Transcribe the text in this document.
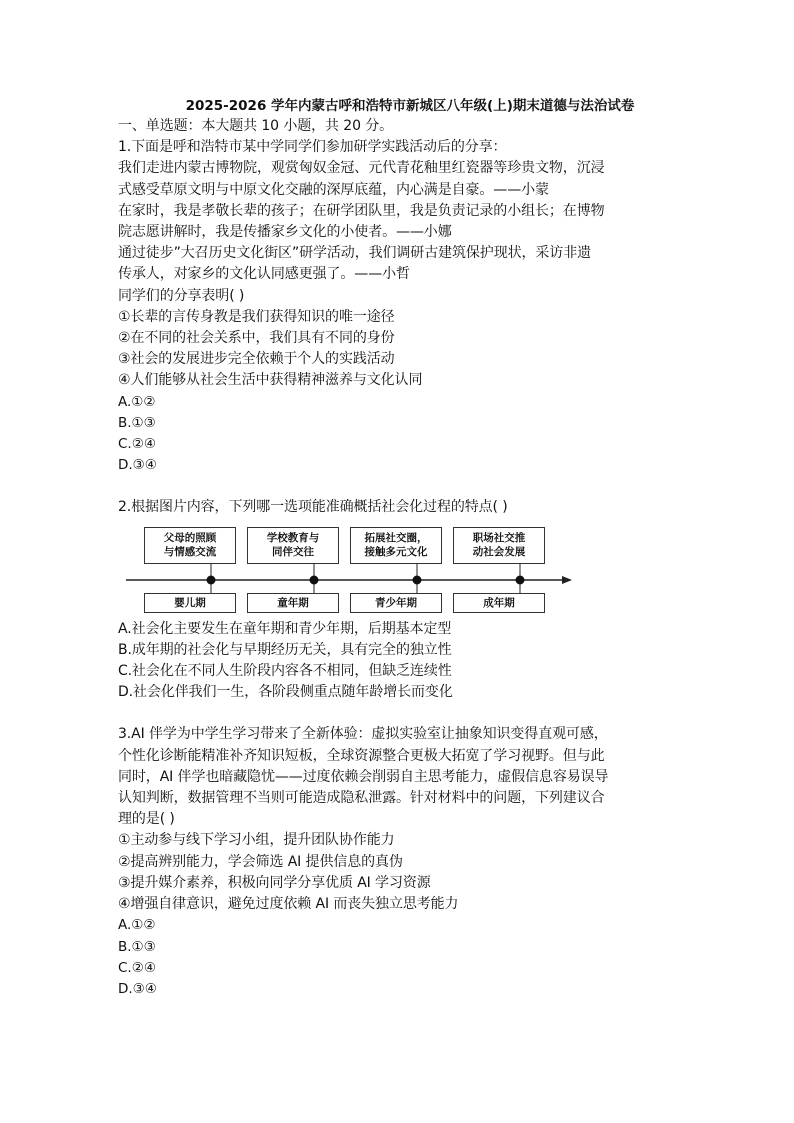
2025-2026 学年内蒙古呼和浩特市新城区八年级(上)期末道德与法治试卷
一、单选题：本大题共 10 小题，共 20 分。
1.下面是呼和浩特市某中学同学们参加研学实践活动后的分享：
我们走进内蒙古博物院，观赏匈奴金冠、元代青花釉里红瓷器等珍贵文物，沉浸
式感受草原文明与中原文化交融的深厚底蕴，内心满是自豪。——小蒙
在家时，我是孝敬长辈的孩子；在研学团队里，我是负责记录的小组长；在博物
院志愿讲解时，我是传播家乡文化的小使者。——小娜
通过徒步”大召历史文化街区”研学活动，我们调研古建筑保护现状，采访非遗
传承人，对家乡的文化认同感更强了。——小哲
同学们的分享表明( )
①长辈的言传身教是我们获得知识的唯一途径
②在不同的社会关系中，我们具有不同的身份
③社会的发展进步完全依赖于个人的实践活动
④人们能够从社会生活中获得精神滋养与文化认同
A.①②
B.①③
C.②④
D.③④
2.根据图片内容，下列哪一选项能准确概括社会化过程的特点( )
父母的照顾
与情感交流
学校教育与
同伴交往
拓展社交圈，
接触多元文化
职场社交推
动社会发展
婴儿期	童年期	青少年期	成年期
A.社会化主要发生在童年期和青少年期，后期基本定型
B.成年期的社会化与早期经历无关，具有完全的独立性
C.社会化在不同人生阶段内容各不相同，但缺乏连续性
D.社会化伴我们一生，各阶段侧重点随年龄增长而变化
3.AI 伴学为中学生学习带来了全新体验：虚拟实验室让抽象知识变得直观可感，
个性化诊断能精准补齐知识短板，全球资源整合更极大拓宽了学习视野。但与此
同时，AI 伴学也暗藏隐忧——过度依赖会削弱自主思考能力，虚假信息容易误导
认知判断，数据管理不当则可能造成隐私泄露。针对材料中的问题，下列建议合
理的是( )
①主动参与线下学习小组，提升团队协作能力
②提高辨别能力，学会筛选 AI 提供信息的真伪
③提升媒介素养，积极向同学分享优质 AI 学习资源
④增强自律意识，避免过度依赖 AI 而丧失独立思考能力
A.①②
B.①③
C.②④
D.③④
